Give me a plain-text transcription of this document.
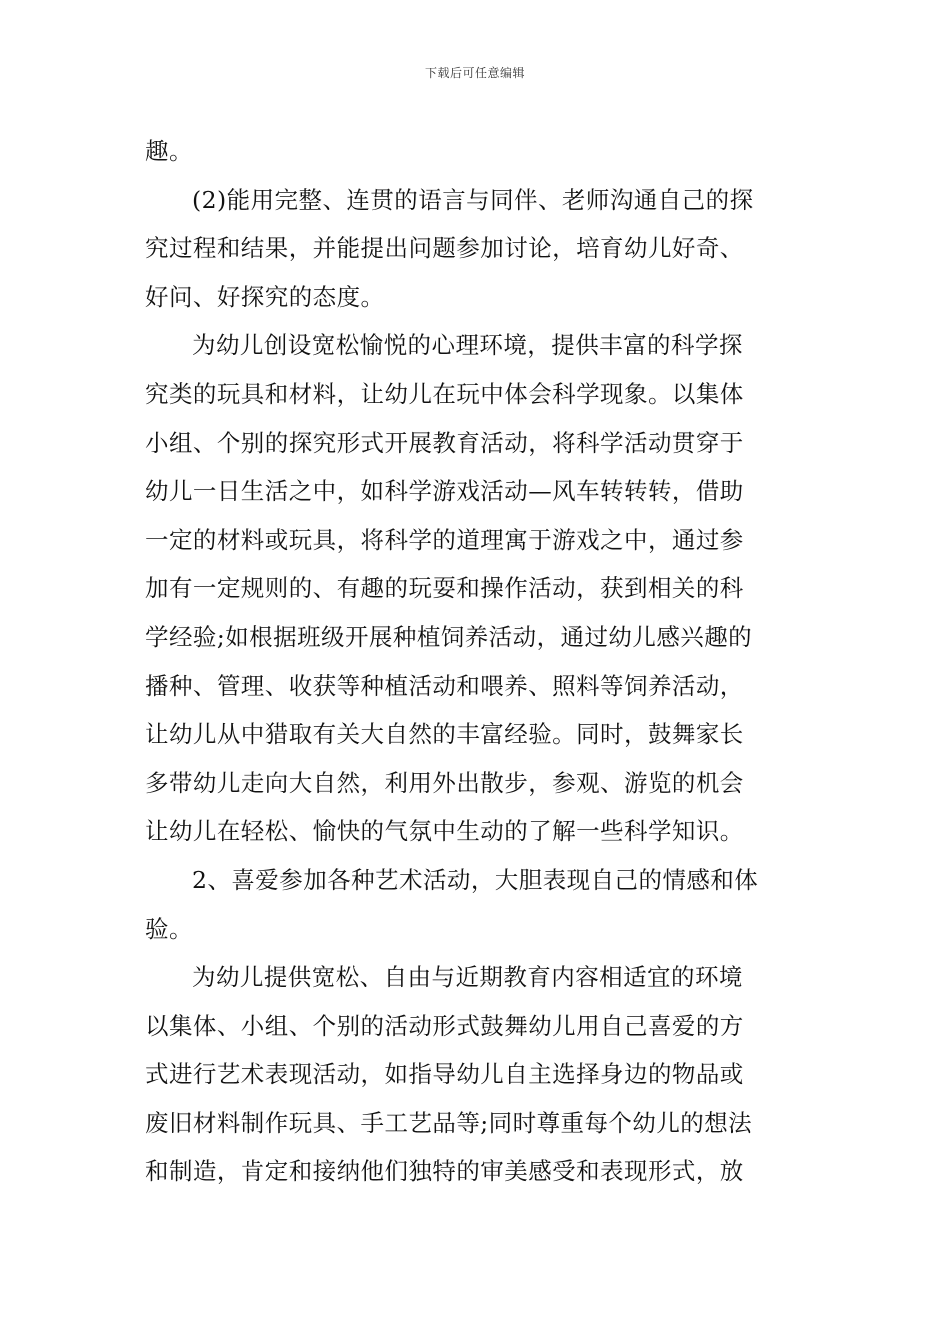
下载后可任意编辑
趣。
(2)能用完整、连贯的语言与同伴、老师沟通自己的探
究过程和结果，并能提出问题参加讨论，培育幼儿好奇、
好问、好探究的态度。
为幼儿创设宽松愉悦的心理环境，提供丰富的科学探
究类的玩具和材料，让幼儿在玩中体会科学现象。以集体
小组、个别的探究形式开展教育活动，将科学活动贯穿于
幼儿一日生活之中，如科学游戏活动—风车转转转，借助
一定的材料或玩具，将科学的道理寓于游戏之中，通过参
加有一定规则的、有趣的玩耍和操作活动，获到相关的科
学经验;如根据班级开展种植饲养活动，通过幼儿感兴趣的
播种、管理、收获等种植活动和喂养、照料等饲养活动，
让幼儿从中猎取有关大自然的丰富经验。同时，鼓舞家长
多带幼儿走向大自然，利用外出散步，参观、游览的机会
让幼儿在轻松、愉快的气氛中生动的了解一些科学知识。
2、喜爱参加各种艺术活动，大胆表现自己的情感和体
验。
为幼儿提供宽松、自由与近期教育内容相适宜的环境
以集体、小组、个别的活动形式鼓舞幼儿用自己喜爱的方
式进行艺术表现活动，如指导幼儿自主选择身边的物品或
废旧材料制作玩具、手工艺品等;同时尊重每个幼儿的想法
和制造，肯定和接纳他们独特的审美感受和表现形式，放
